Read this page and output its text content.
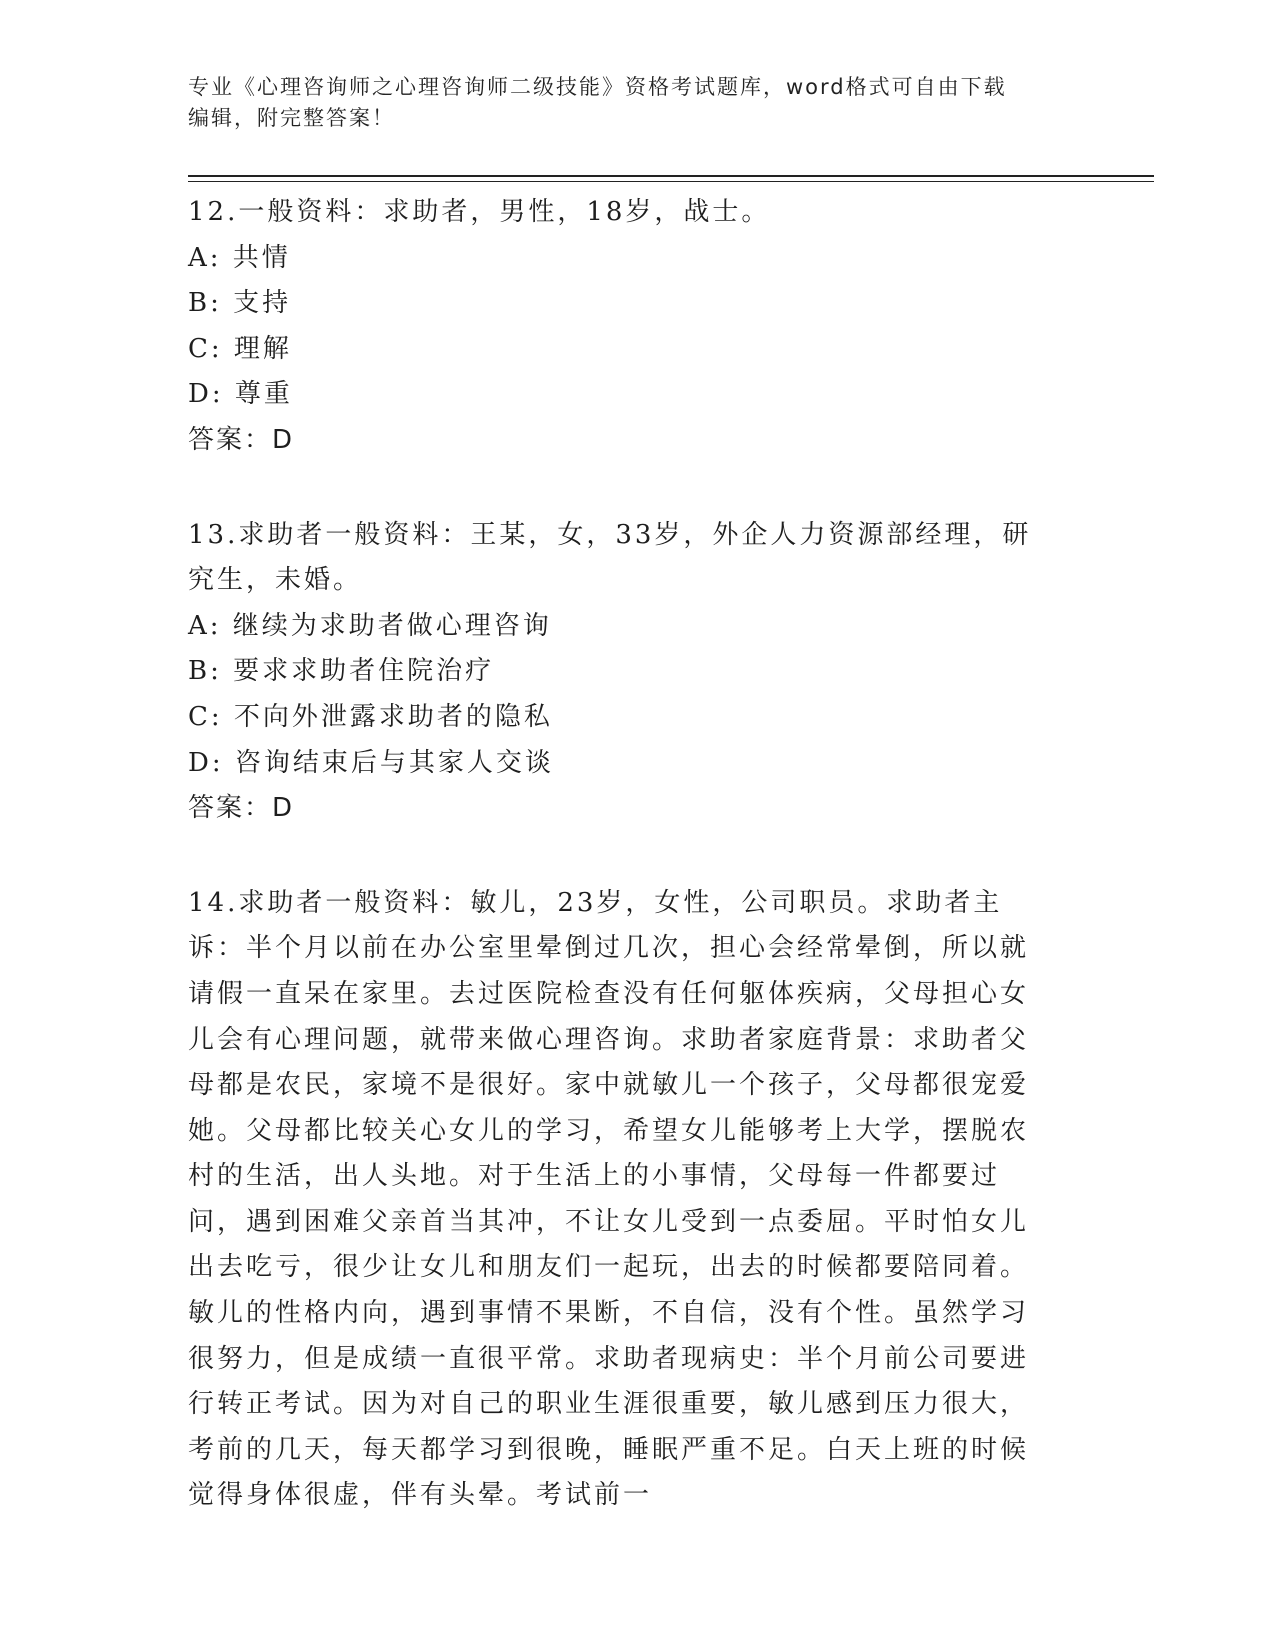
专业《心理咨询师之心理咨询师二级技能》资格考试题库，word格式可自由下载
编辑，附完整答案！

12.一般资料：求助者，男性，18岁，战士。

A: 共情

B: 支持

C: 理解

D: 尊重

答案：D

13.求助者一般资料：王某，女，33岁，外企人力资源部经理，研究生，未婚。

A: 继续为求助者做心理咨询

B: 要求求助者住院治疗

C: 不向外泄露求助者的隐私

D: 咨询结束后与其家人交谈

答案：D

14.求助者一般资料：敏儿，23岁，女性，公司职员。求助者主诉：半个月以前在办公室里晕倒过几次，担心会经常晕倒，所以就请假一直呆在家里。去过医院检查没有任何躯体疾病，父母担心女儿会有心理问题，就带来做心理咨询。求助者家庭背景：求助者父母都是农民，家境不是很好。家中就敏儿一个孩子，父母都很宠爱她。父母都比较关心女儿的学习，希望女儿能够考上大学，摆脱农村的生活，出人头地。对于生活上的小事情，父母每一件都要过问，遇到困难父亲首当其冲，不让女儿受到一点委屈。平时怕女儿出去吃亏，很少让女儿和朋友们一起玩，出去的时候都要陪同着。敏儿的性格内向，遇到事情不果断，不自信，没有个性。虽然学习很努力，但是成绩一直很平常。求助者现病史：半个月前公司要进行转正考试。因为对自己的职业生涯很重要，敏儿感到压力很大，考前的几天，每天都学习到很晚，睡眠严重不足。白天上班的时候觉得身体很虚，伴有头晕。考试前一
